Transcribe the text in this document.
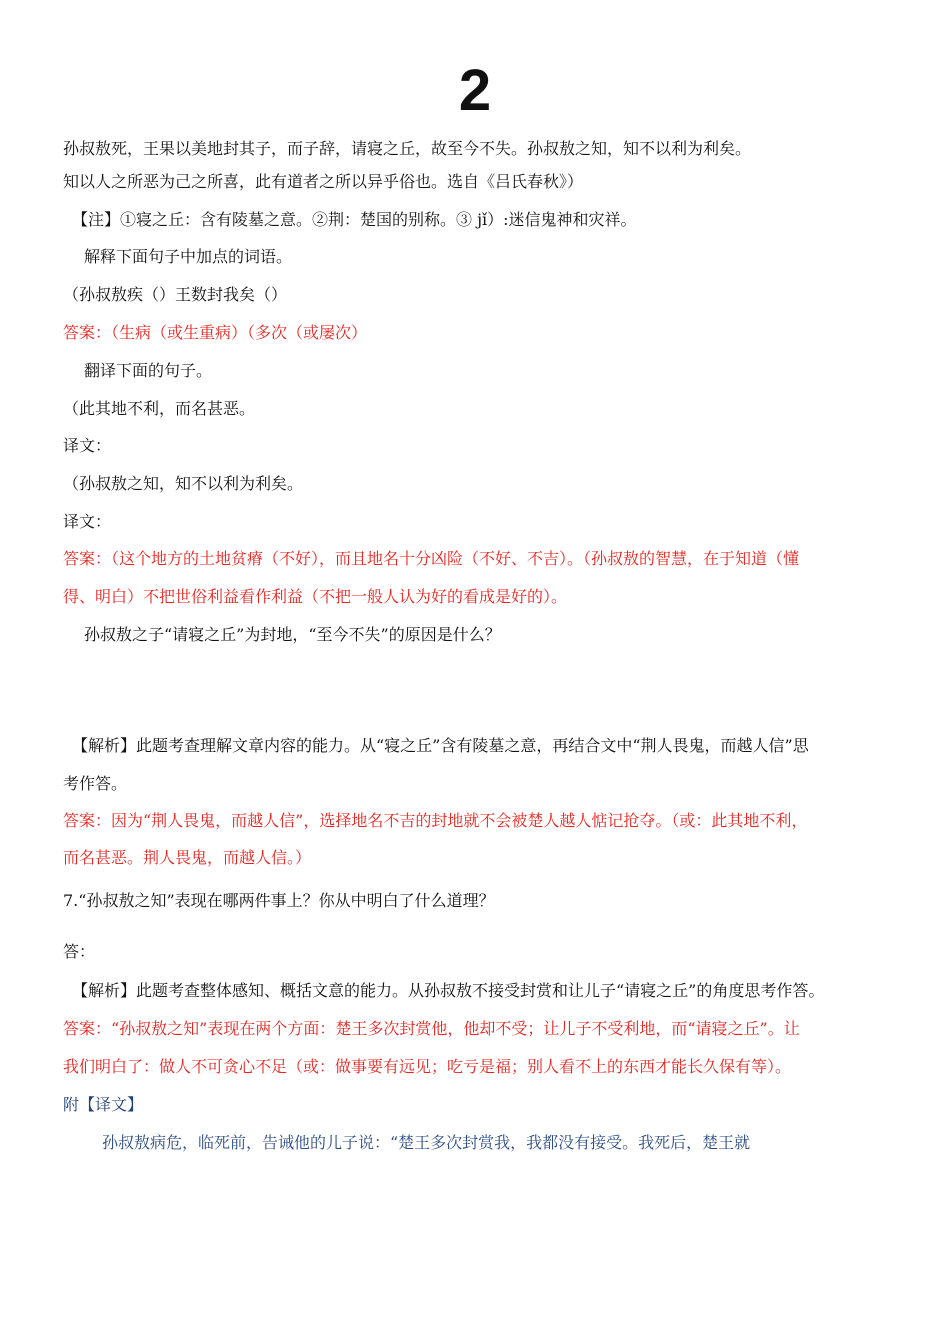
2
孙叔敖死，王果以美地封其子，而子辞，请寝之丘，故至今不失。孙叔敖之知，知不以利为利矣。
知以人之所恶为己之所喜，此有道者之所以异乎俗也。选自《吕氏春秋》）
【注】①寝之丘：含有陵墓之意。②荆：楚国的别称。③ jǐ）:迷信鬼神和灾祥。
解释下面句子中加点的词语。
（孙叔敖疾（）王数封我矣（）
答案：（生病（或生重病）（多次（或屡次）
翻译下面的句子。
（此其地不利，而名甚恶。
译文：
（孙叔敖之知，知不以利为利矣。
译文：
答案：（这个地方的土地贫瘠（不好），而且地名十分凶险（不好、不吉）。（孙叔敖的智慧，在于知道（懂
得、明白）不把世俗利益看作利益（不把一般人认为好的看成是好的）。
孙叔敖之子“请寝之丘”为封地，“至今不失”的原因是什么？
【解析】此题考查理解文章内容的能力。从“寝之丘”含有陵墓之意，再结合文中“荆人畏鬼，而越人信”思
考作答。
答案：因为“荆人畏鬼，而越人信”，选择地名不吉的封地就不会被楚人越人惦记抢夺。（或：此其地不利，
而名甚恶。荆人畏鬼，而越人信。）
7.“孙叔敖之知”表现在哪两件事上？你从中明白了什么道理？
答：
【解析】此题考查整体感知、概括文意的能力。从孙叔敖不接受封赏和让儿子“请寝之丘”的角度思考作答。
答案：“孙叔敖之知”表现在两个方面：楚王多次封赏他，他却不受；让儿子不受利地，而“请寝之丘”。让
我们明白了：做人不可贪心不足（或：做事要有远见；吃亏是福；别人看不上的东西才能长久保有等）。
附【译文】
孙叔敖病危，临死前，告诫他的儿子说：“楚王多次封赏我，我都没有接受。我死后，楚王就
